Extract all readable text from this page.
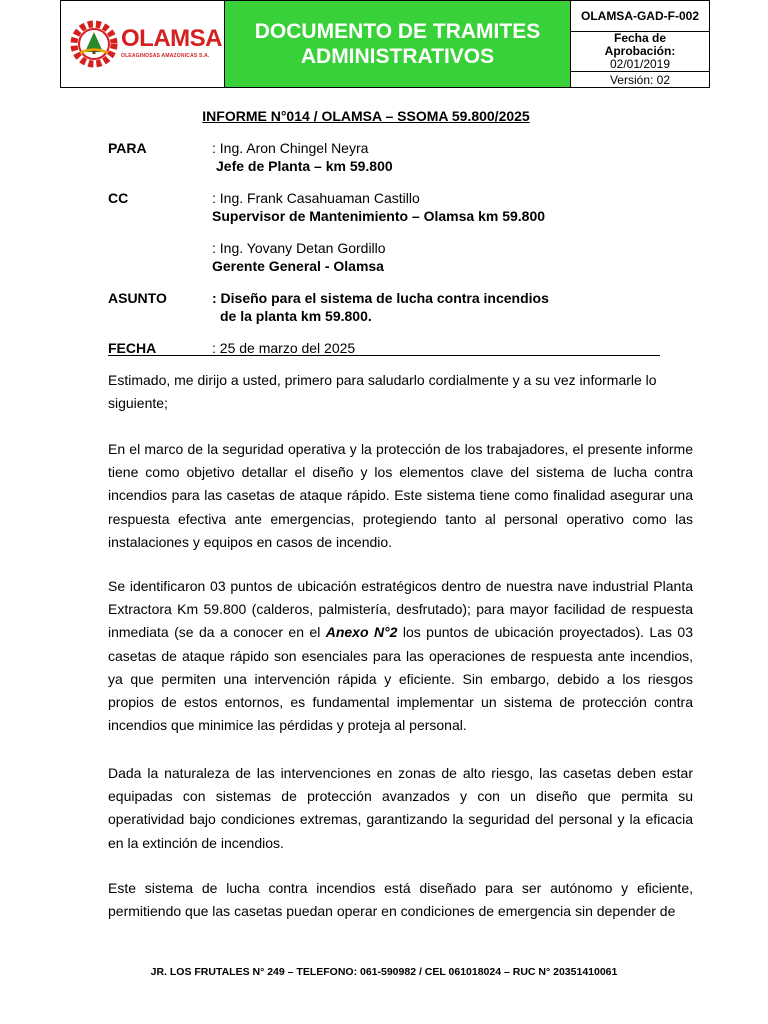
OLAMSA
OLEAGINOSAS AMAZONICAS S.A.
DOCUMENTO DE TRAMITES
ADMINISTRATIVOS
OLAMSA-GAD-F-002
Fecha de
Aprobación:
02/01/2019
Versión: 02
INFORME N°014 / OLAMSA – SSOMA 59.800/2025
PARA	: Ing. Aron Chingel Neyra
Jefe de Planta – km 59.800
CC	: Ing. Frank Casahuaman Castillo
Supervisor de Mantenimiento – Olamsa km 59.800
: Ing. Yovany Detan Gordillo
Gerente General - Olamsa
ASUNTO	: Diseño para el sistema de lucha contra incendios
de la planta km 59.800.
FECHA	: 25 de marzo del 2025
Estimado, me dirijo a usted, primero para saludarlo cordialmente y a su vez informarle lo siguiente;
En el marco de la seguridad operativa y la protección de los trabajadores, el presente informe tiene como objetivo detallar el diseño y los elementos clave del sistema de lucha contra incendios para las casetas de ataque rápido. Este sistema tiene como finalidad asegurar una respuesta efectiva ante emergencias, protegiendo tanto al personal operativo como las instalaciones y equipos en casos de incendio.
Se identificaron 03 puntos de ubicación estratégicos dentro de nuestra nave industrial Planta Extractora Km 59.800 (calderos, palmistería, desfrutado); para mayor facilidad de respuesta inmediata (se da a conocer en el Anexo N°2 los puntos de ubicación proyectados). Las 03 casetas de ataque rápido son esenciales para las operaciones de respuesta ante incendios, ya que permiten una intervención rápida y eficiente. Sin embargo, debido a los riesgos propios de estos entornos, es fundamental implementar un sistema de protección contra incendios que minimice las pérdidas y proteja al personal.
Dada la naturaleza de las intervenciones en zonas de alto riesgo, las casetas deben estar equipadas con sistemas de protección avanzados y con un diseño que permita su operatividad bajo condiciones extremas, garantizando la seguridad del personal y la eficacia en la extinción de incendios.
Este sistema de lucha contra incendios está diseñado para ser autónomo y eficiente, permitiendo que las casetas puedan operar en condiciones de emergencia sin depender de
JR. LOS FRUTALES N° 249 – TELEFONO: 061-590982 / CEL 061018024 – RUC N° 20351410061
